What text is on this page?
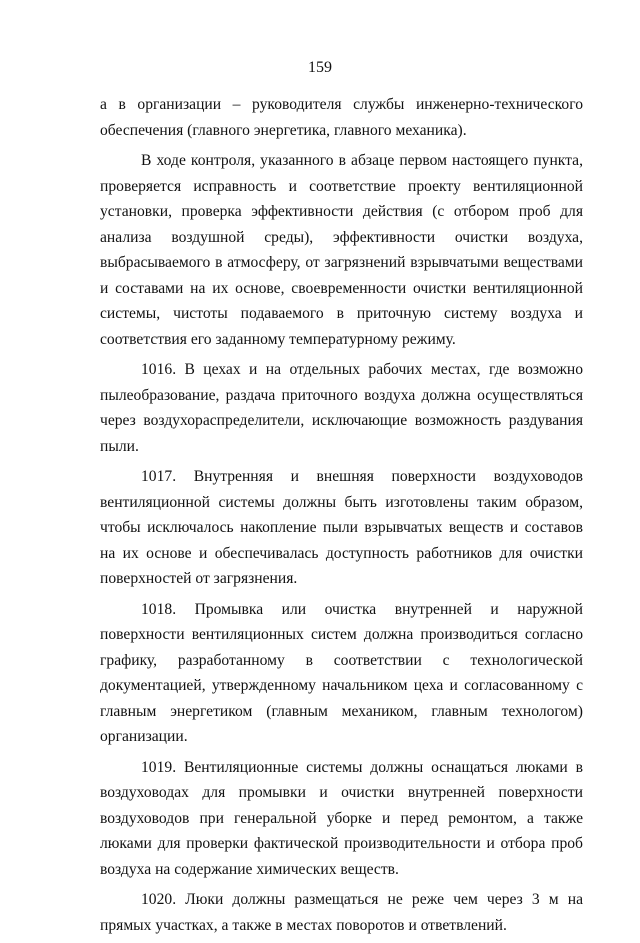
159

а в организации – руководителя службы инженерно-технического обеспечения (главного энергетика, главного механика).

В ходе контроля, указанного в абзаце первом настоящего пункта, проверяется исправность и соответствие проекту вентиляционной установки, проверка эффективности действия (с отбором проб для анализа воздушной среды), эффективности очистки воздуха, выбрасываемого в атмосферу, от загрязнений взрывчатыми веществами и составами на их основе, своевременности очистки вентиляционной системы, чистоты подаваемого в приточную систему воздуха и соответствия его заданному температурному режиму.

1016. В цехах и на отдельных рабочих местах, где возможно пылеобразование, раздача приточного воздуха должна осуществляться через воздухораспределители, исключающие возможность раздувания пыли.

1017. Внутренняя и внешняя поверхности воздуховодов вентиляционной системы должны быть изготовлены таким образом, чтобы исключалось накопление пыли взрывчатых веществ и составов на их основе и обеспечивалась доступность работников для очистки поверхностей от загрязнения.

1018. Промывка или очистка внутренней и наружной поверхности вентиляционных систем должна производиться согласно графику, разработанному в соответствии с технологической документацией, утвержденному начальником цеха и согласованному с главным энергетиком (главным механиком, главным технологом) организации.

1019. Вентиляционные системы должны оснащаться люками в воздуховодах для промывки и очистки внутренней поверхности воздуховодов при генеральной уборке и перед ремонтом, а также люками для проверки фактической производительности и отбора проб воздуха на содержание химических веществ.

1020. Люки должны размещаться не реже чем через 3 м на прямых участках, а также в местах поворотов и ответвлений.
